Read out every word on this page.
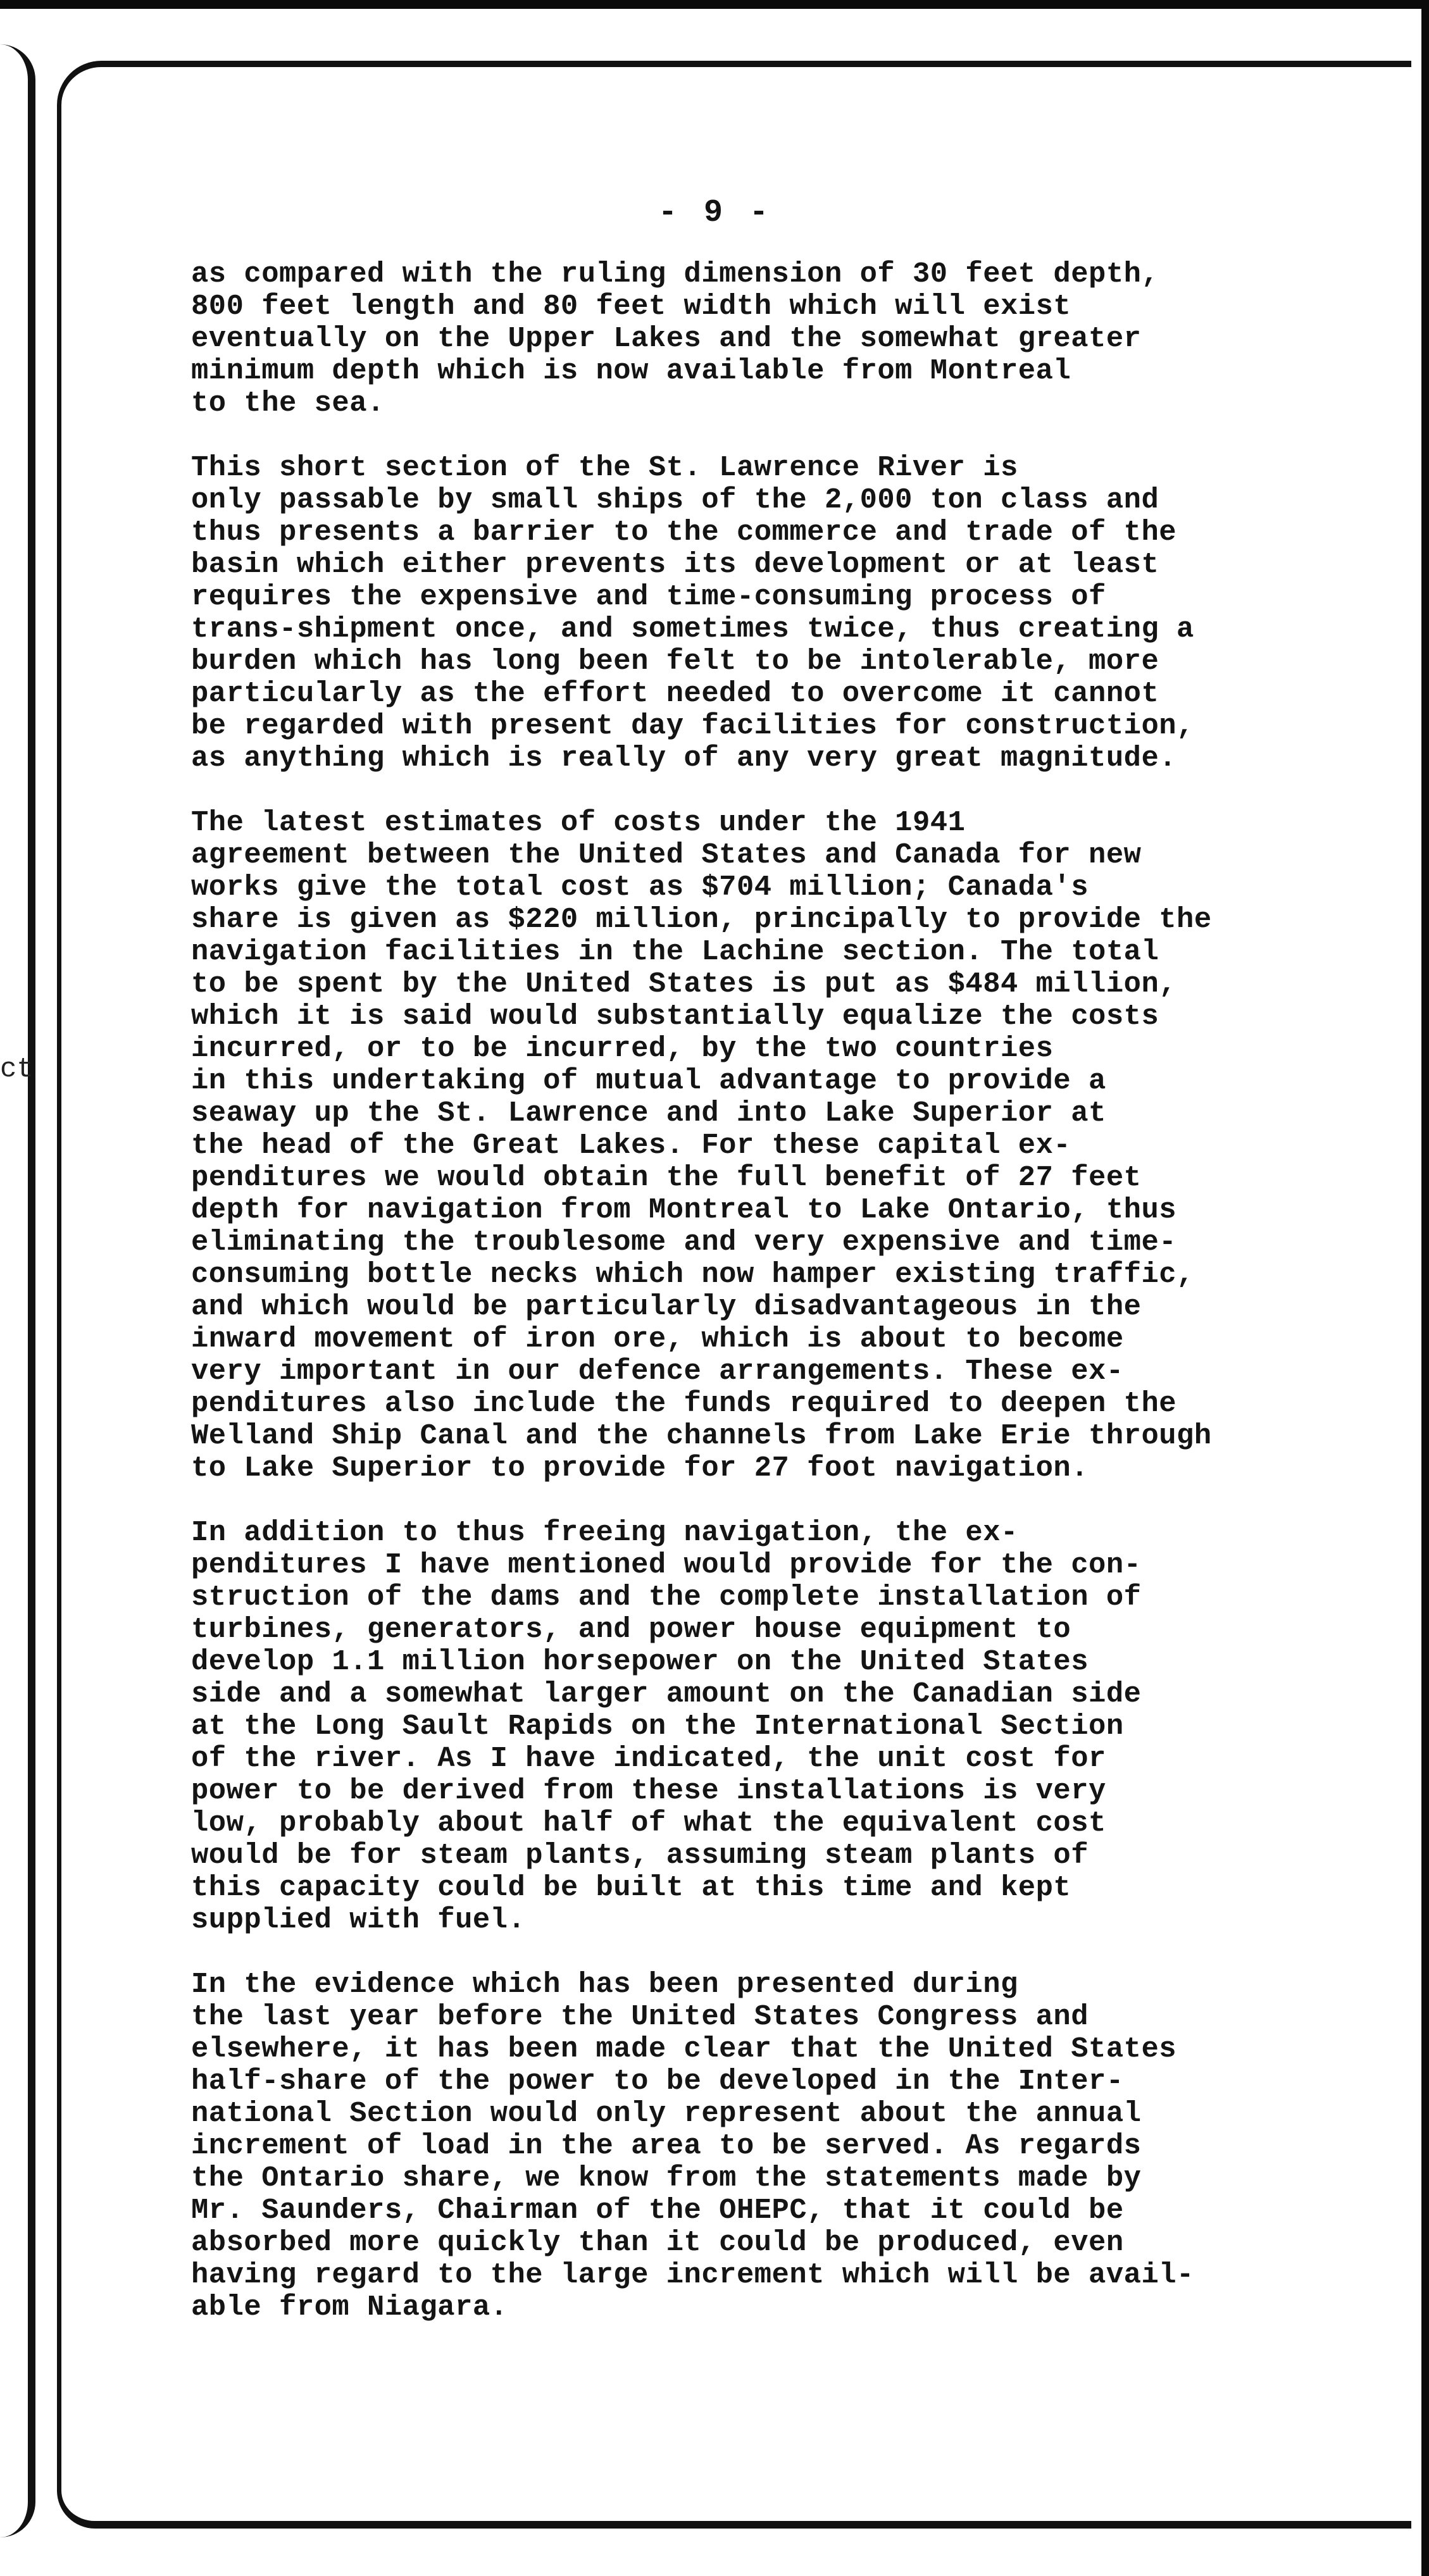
ct
- 9 -

as compared with the ruling dimension of 30 feet depth,
800 feet length and 80 feet width which will exist
eventually on the Upper Lakes and the somewhat greater
minimum depth which is now available from Montreal
to the sea.

This short section of the St. Lawrence River is
only passable by small ships of the 2,000 ton class and
thus presents a barrier to the commerce and trade of the
basin which either prevents its development or at least
requires the expensive and time-consuming process of
trans-shipment once, and sometimes twice, thus creating a
burden which has long been felt to be intolerable, more
particularly as the effort needed to overcome it cannot
be regarded with present day facilities for construction,
as anything which is really of any very great magnitude.

The latest estimates of costs under the 1941
agreement between the United States and Canada for new
works give the total cost as $704 million; Canada's
share is given as $220 million, principally to provide the
navigation facilities in the Lachine section. The total
to be spent by the United States is put as $484 million,
which it is said would substantially equalize the costs
incurred, or to be incurred, by the two countries
in this undertaking of mutual advantage to provide a
seaway up the St. Lawrence and into Lake Superior at
the head of the Great Lakes. For these capital ex-
penditures we would obtain the full benefit of 27 feet
depth for navigation from Montreal to Lake Ontario, thus
eliminating the troublesome and very expensive and time-
consuming bottle necks which now hamper existing traffic,
and which would be particularly disadvantageous in the
inward movement of iron ore, which is about to become
very important in our defence arrangements. These ex-
penditures also include the funds required to deepen the
Welland Ship Canal and the channels from Lake Erie through
to Lake Superior to provide for 27 foot navigation.

In addition to thus freeing navigation, the ex-
penditures I have mentioned would provide for the con-
struction of the dams and the complete installation of
turbines, generators, and power house equipment to
develop 1.1 million horsepower on the United States
side and a somewhat larger amount on the Canadian side
at the Long Sault Rapids on the International Section
of the river. As I have indicated, the unit cost for
power to be derived from these installations is very
low, probably about half of what the equivalent cost
would be for steam plants, assuming steam plants of
this capacity could be built at this time and kept
supplied with fuel.

In the evidence which has been presented during
the last year before the United States Congress and
elsewhere, it has been made clear that the United States
half-share of the power to be developed in the Inter-
national Section would only represent about the annual
increment of load in the area to be served. As regards
the Ontario share, we know from the statements made by
Mr. Saunders, Chairman of the OHEPC, that it could be
absorbed more quickly than it could be produced, even
having regard to the large increment which will be avail-
able from Niagara.
